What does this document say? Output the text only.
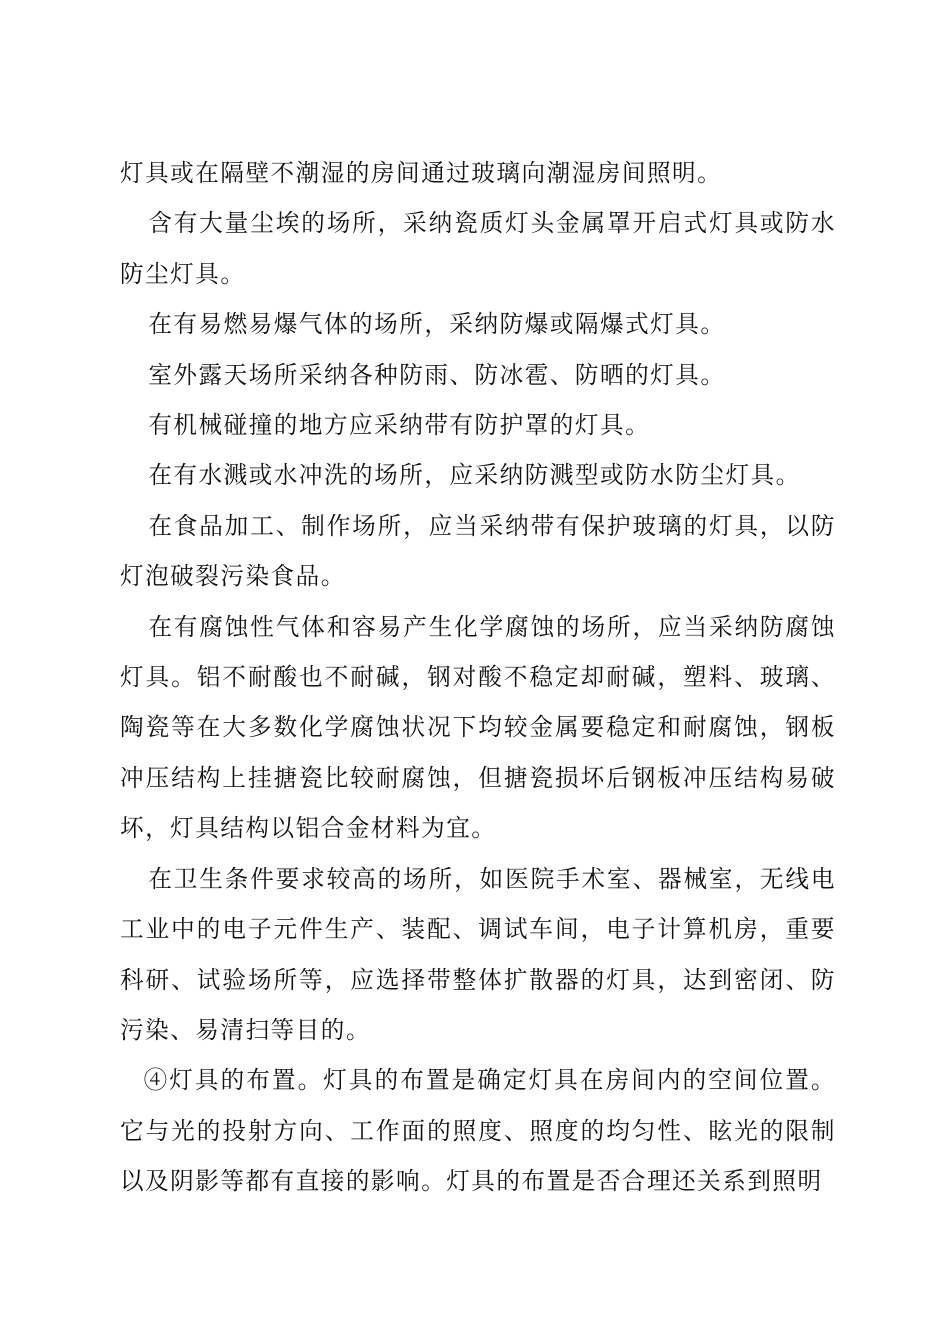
灯具或在隔壁不潮湿的房间通过玻璃向潮湿房间照明。

含有大量尘埃的场所，采纳瓷质灯头金属罩开启式灯具或防水防尘灯具。

在有易燃易爆气体的场所，采纳防爆或隔爆式灯具。

室外露天场所采纳各种防雨、防冰雹、防晒的灯具。

有机械碰撞的地方应采纳带有防护罩的灯具。

在有水溅或水冲洗的场所，应采纳防溅型或防水防尘灯具。

在食品加工、制作场所，应当采纳带有保护玻璃的灯具，以防灯泡破裂污染食品。

在有腐蚀性气体和容易产生化学腐蚀的场所，应当采纳防腐蚀灯具。铝不耐酸也不耐碱，钢对酸不稳定却耐碱，塑料、玻璃、陶瓷等在大多数化学腐蚀状况下均较金属要稳定和耐腐蚀，钢板冲压结构上挂搪瓷比较耐腐蚀，但搪瓷损坏后钢板冲压结构易破坏，灯具结构以铝合金材料为宜。

在卫生条件要求较高的场所，如医院手术室、器械室，无线电工业中的电子元件生产、装配、调试车间，电子计算机房，重要科研、试验场所等，应选择带整体扩散器的灯具，达到密闭、防污染、易清扫等目的。

④灯具的布置。灯具的布置是确定灯具在房间内的空间位置。它与光的投射方向、工作面的照度、照度的均匀性、眩光的限制以及阴影等都有直接的影响。灯具的布置是否合理还关系到照明
